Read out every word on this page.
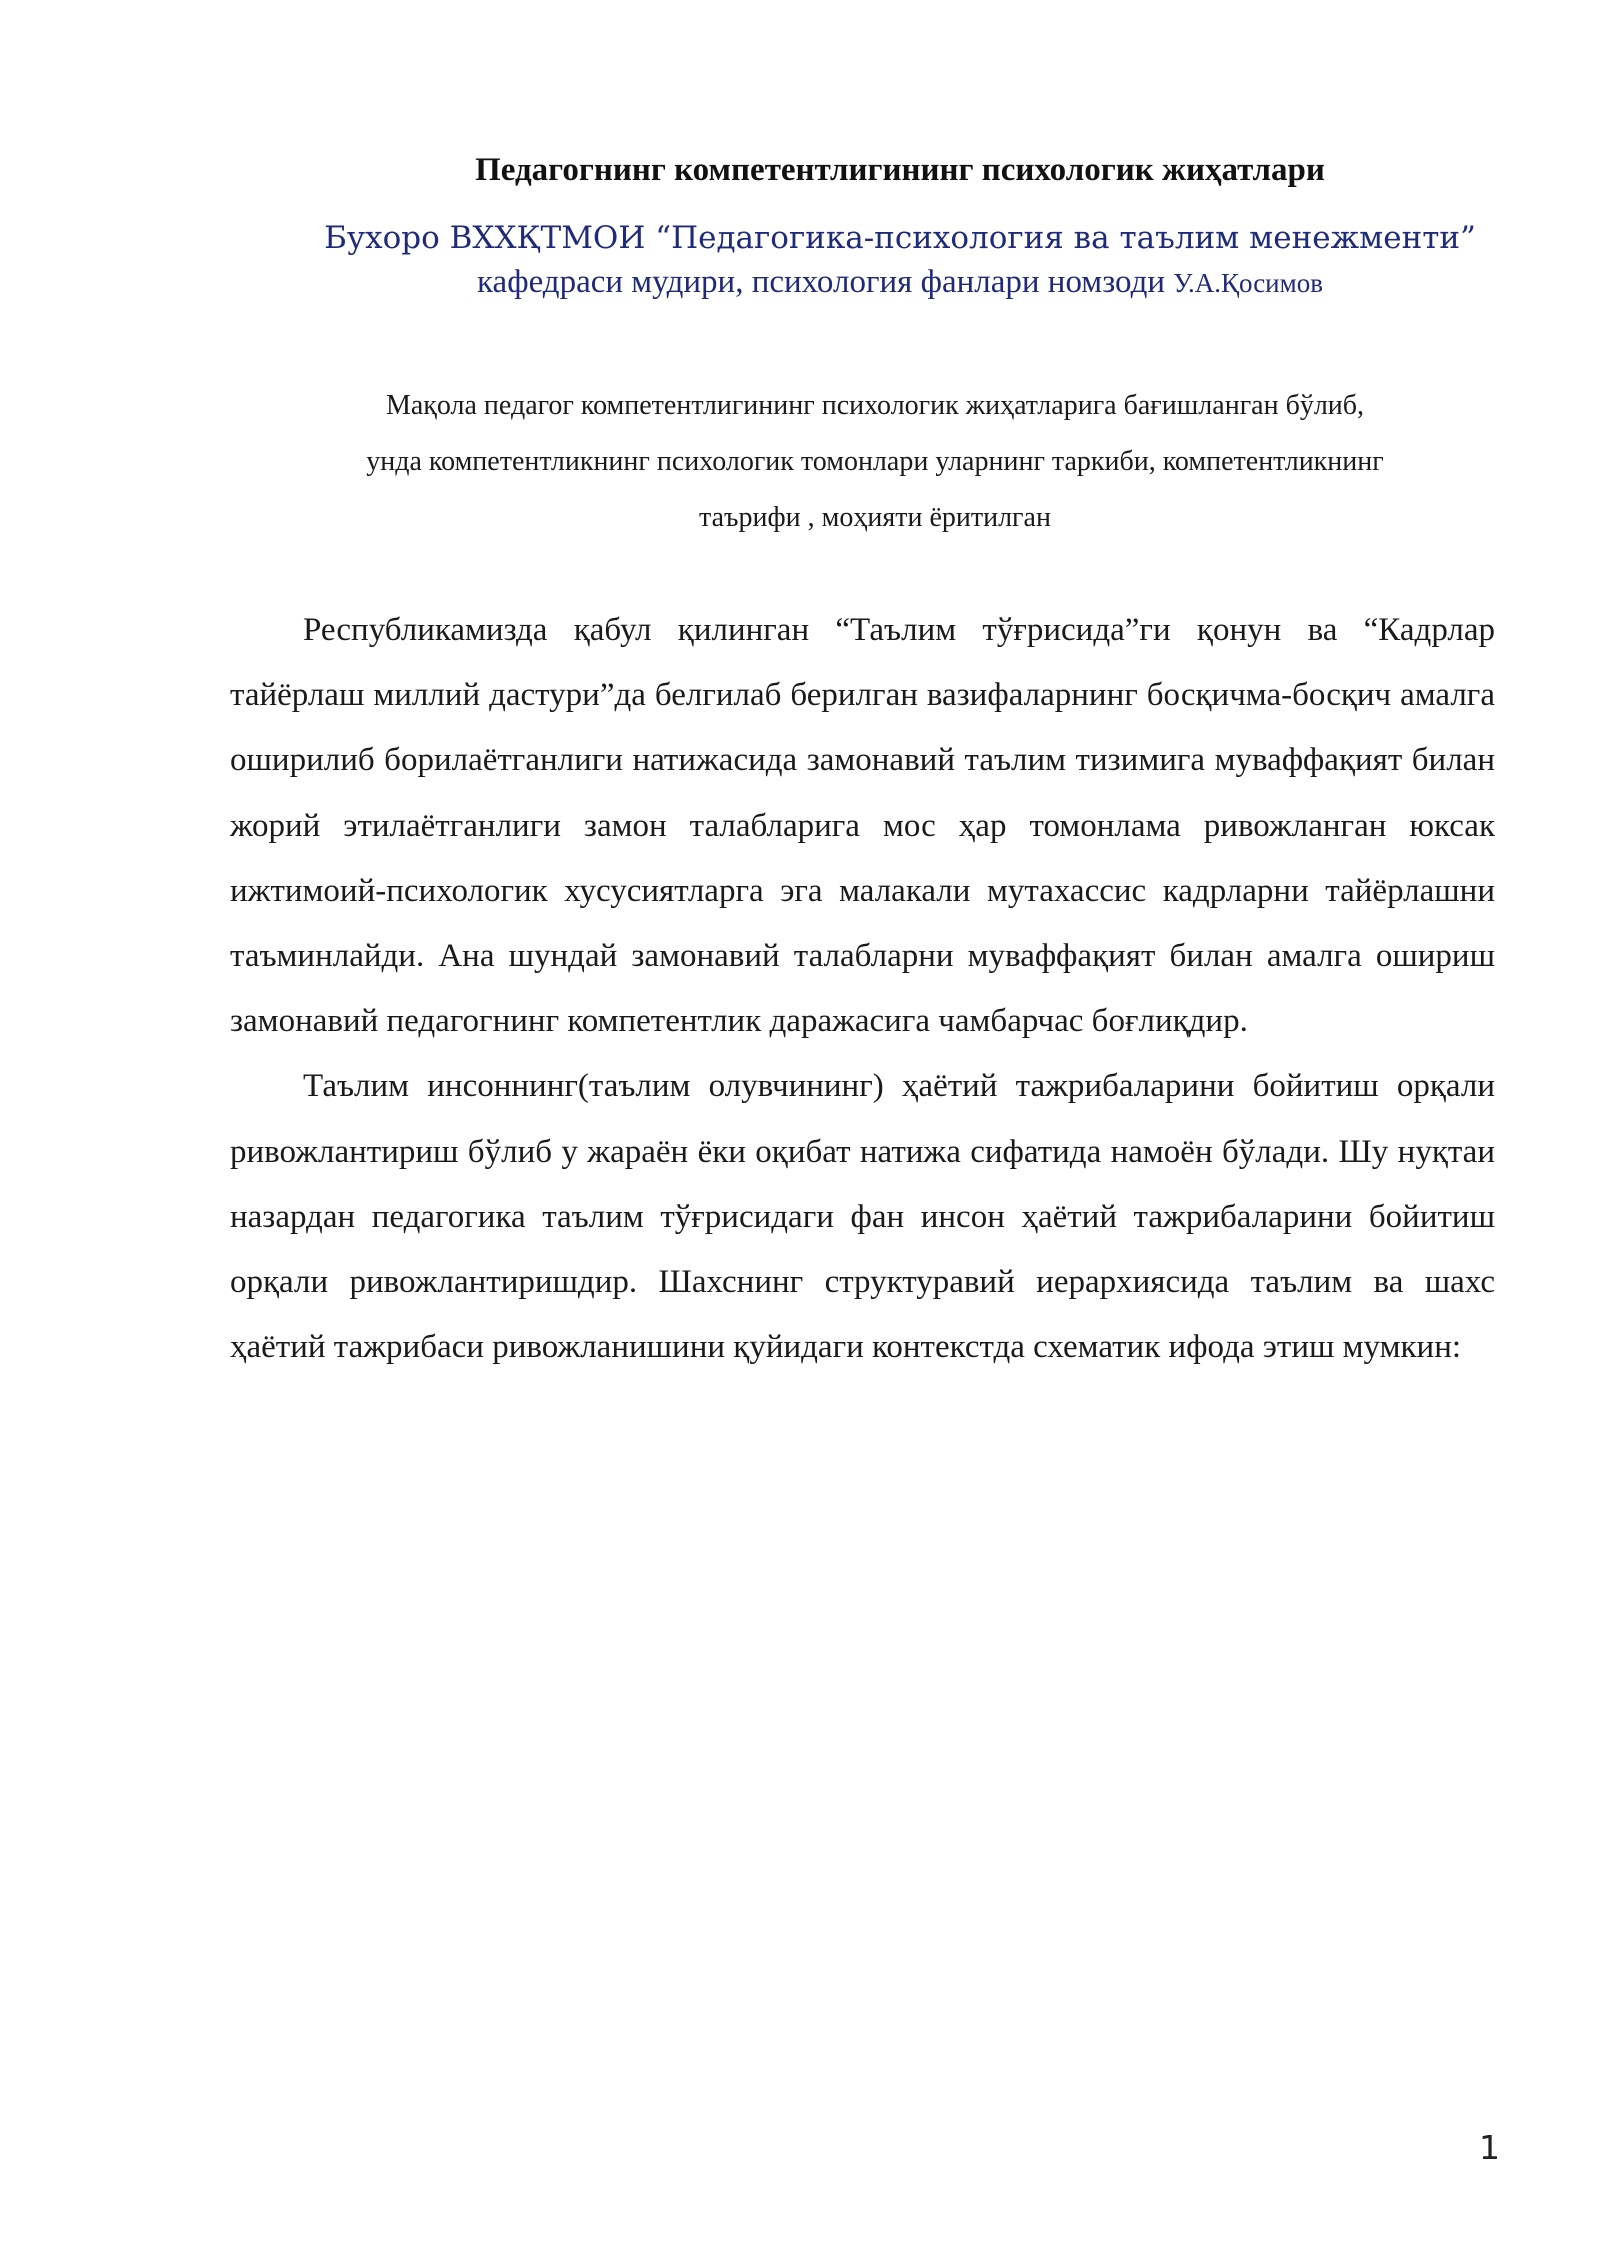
Педагогнинг компетентлигининг психологик жиҳатлари
Бухоро ВХХҚТМОИ “Педагогика-психология ва таълим менежменти”
кафедраси мудири, психология фанлари номзоди У.А.Қосимов
Мақола педагог компетентлигининг психологик жиҳатларига бағишланган бўлиб,
унда компетентликнинг психологик томонлари уларнинг таркиби, компетентликнинг
таърифи , моҳияти ёритилган

Республикамизда қабул қилинган “Таълим тўғрисида”ги қонун ва “Кадрлар тайёрлаш миллий дастури”да белгилаб берилган вазифаларнинг босқичма-босқич амалга оширилиб борилаётганлиги натижасида замонавий таълим тизимига муваффақият билан жорий этилаётганлиги замон талабларига мос ҳар томонлама ривожланган юксак ижтимоий-психологик хусусиятларга эга малакали мутахассис кадрларни тайёрлашни таъминлайди. Ана шундай замонавий талабларни муваффақият билан амалга ошириш замонавий педагогнинг компетентлик даражасига чамбарчас боғлиқдир.

Таълим инсоннинг(таълим олувчининг) ҳаётий тажрибаларини бойитиш орқали ривожлантириш бўлиб у жараён ёки оқибат натижа сифатида намоён бўлади. Шу нуқтаи назардан педагогика таълим тўғрисидаги фан инсон ҳаётий тажрибаларини бойитиш орқали ривожлантиришдир. Шахснинг структуравий иерархиясида таълим ва шахс ҳаётий тажрибаси ривожланишини қуйидаги контекстда схематик ифода этиш мумкин:

1
